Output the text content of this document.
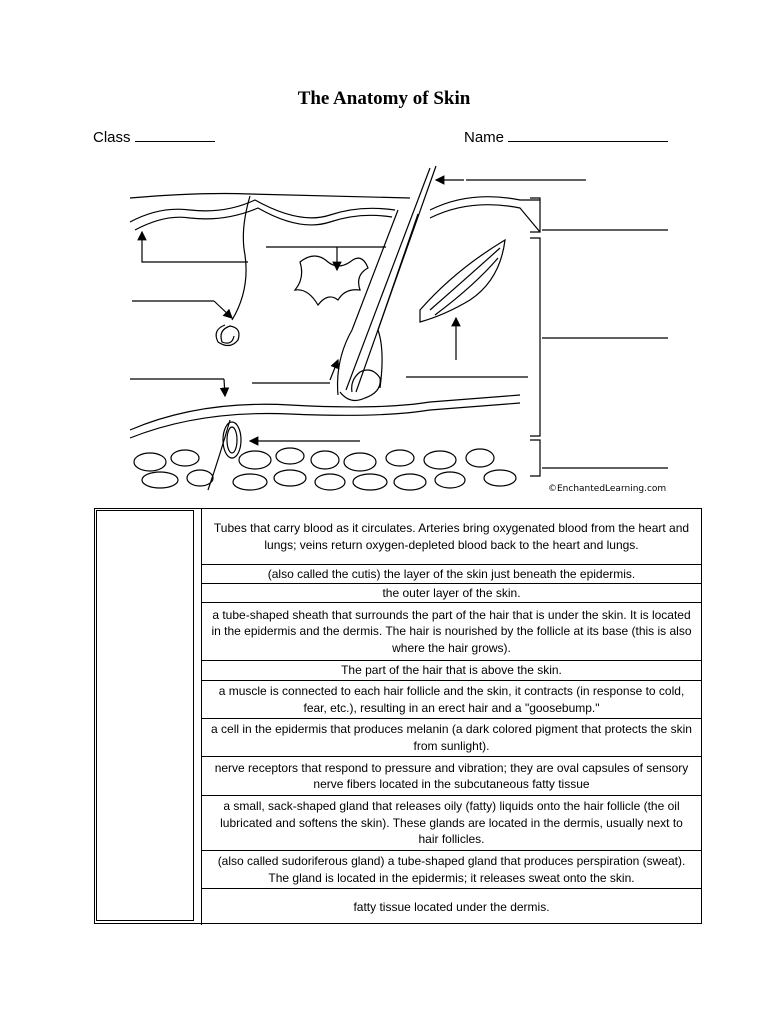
The Anatomy of Skin
Class	Name
©EnchantedLearning.com
Tubes that carry blood as it circulates. Arteries bring oxygenated blood from the heart and lungs; veins return oxygen-depleted blood back to the heart and lungs.
(also called the cutis) the layer of the skin just beneath the epidermis.
the outer layer of the skin.
a tube-shaped sheath that surrounds the part of the hair that is under the skin. It is located in the epidermis and the dermis. The hair is nourished by the follicle at its base (this is also where the hair grows).
The part of the hair that is above the skin.
a muscle is connected to each hair follicle and the skin, it contracts (in response to cold, fear, etc.), resulting in an erect hair and a "goosebump."
a cell in the epidermis that produces melanin (a dark colored pigment that protects the skin from sunlight).
nerve receptors that respond to pressure and vibration; they are oval capsules of sensory nerve fibers located in the subcutaneous fatty tissue
a small, sack-shaped gland that releases oily (fatty) liquids onto the hair follicle (the oil lubricated and softens the skin). These glands are located in the dermis, usually next to hair follicles.
(also called sudoriferous gland) a tube-shaped gland that produces perspiration (sweat). The gland is located in the epidermis; it releases sweat onto the skin.
fatty tissue located under the dermis.
